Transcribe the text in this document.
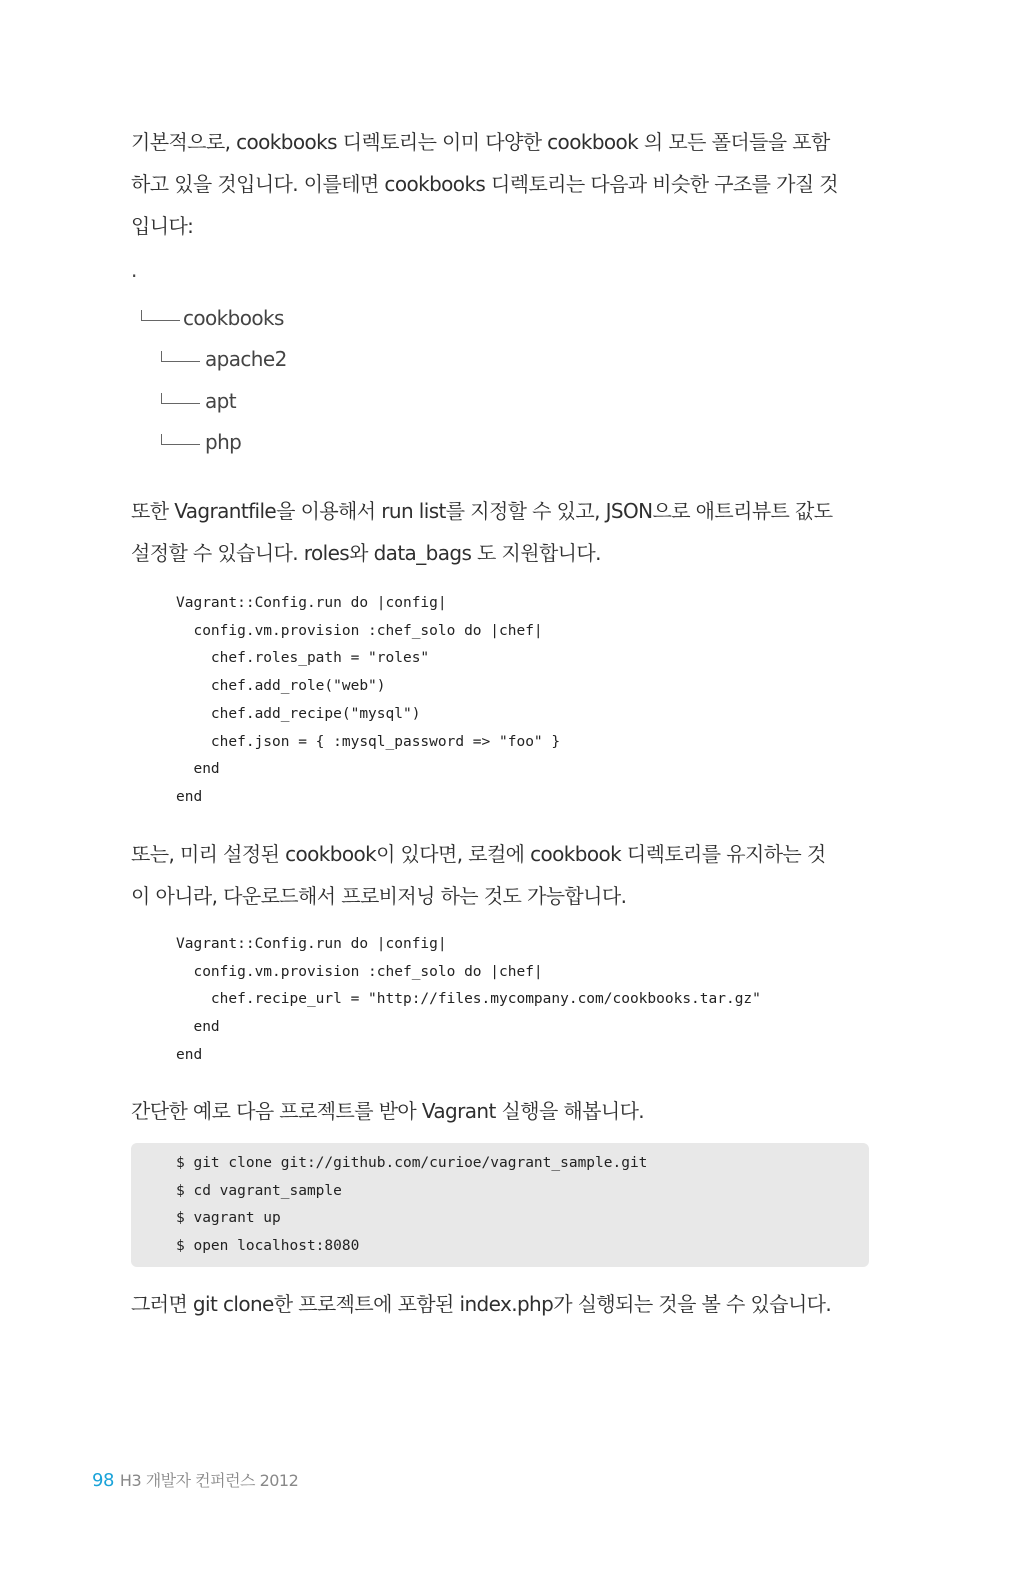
기본적으로, cookbooks 디렉토리는 이미 다양한 cookbook 의 모든 폴더들을 포함
하고 있을 것입니다. 이를테면 cookbooks 디렉토리는 다음과 비슷한 구조를 가질 것
입니다:
.
cookbooks
apache2
apt
php
또한 Vagrantfile을 이용해서 run list를 지정할 수 있고, JSON으로 애트리뷰트 값도
설정할 수 있습니다. roles와 data_bags 도 지원합니다.
Vagrant::Config.run do |config|
config.vm.provision :chef_solo do |chef|
chef.roles_path = "roles"
chef.add_role("web")
chef.add_recipe("mysql")
chef.json = { :mysql_password => "foo" }
end
end
또는, 미리 설정된 cookbook이 있다면, 로컬에 cookbook 디렉토리를 유지하는 것
이 아니라, 다운로드해서 프로비저닝 하는 것도 가능합니다.
Vagrant::Config.run do |config|
config.vm.provision :chef_solo do |chef|
chef.recipe_url = "http://files.mycompany.com/cookbooks.tar.gz"
end
end
간단한 예로 다음 프로젝트를 받아 Vagrant 실행을 해봅니다.
$ git clone git://github.com/curioe/vagrant_sample.git
$ cd vagrant_sample
$ vagrant up
$ open localhost:8080
그러면 git clone한 프로젝트에 포함된 index.php가 실행되는 것을 볼 수 있습니다.
98 H3 개발자 컨퍼런스 2012
